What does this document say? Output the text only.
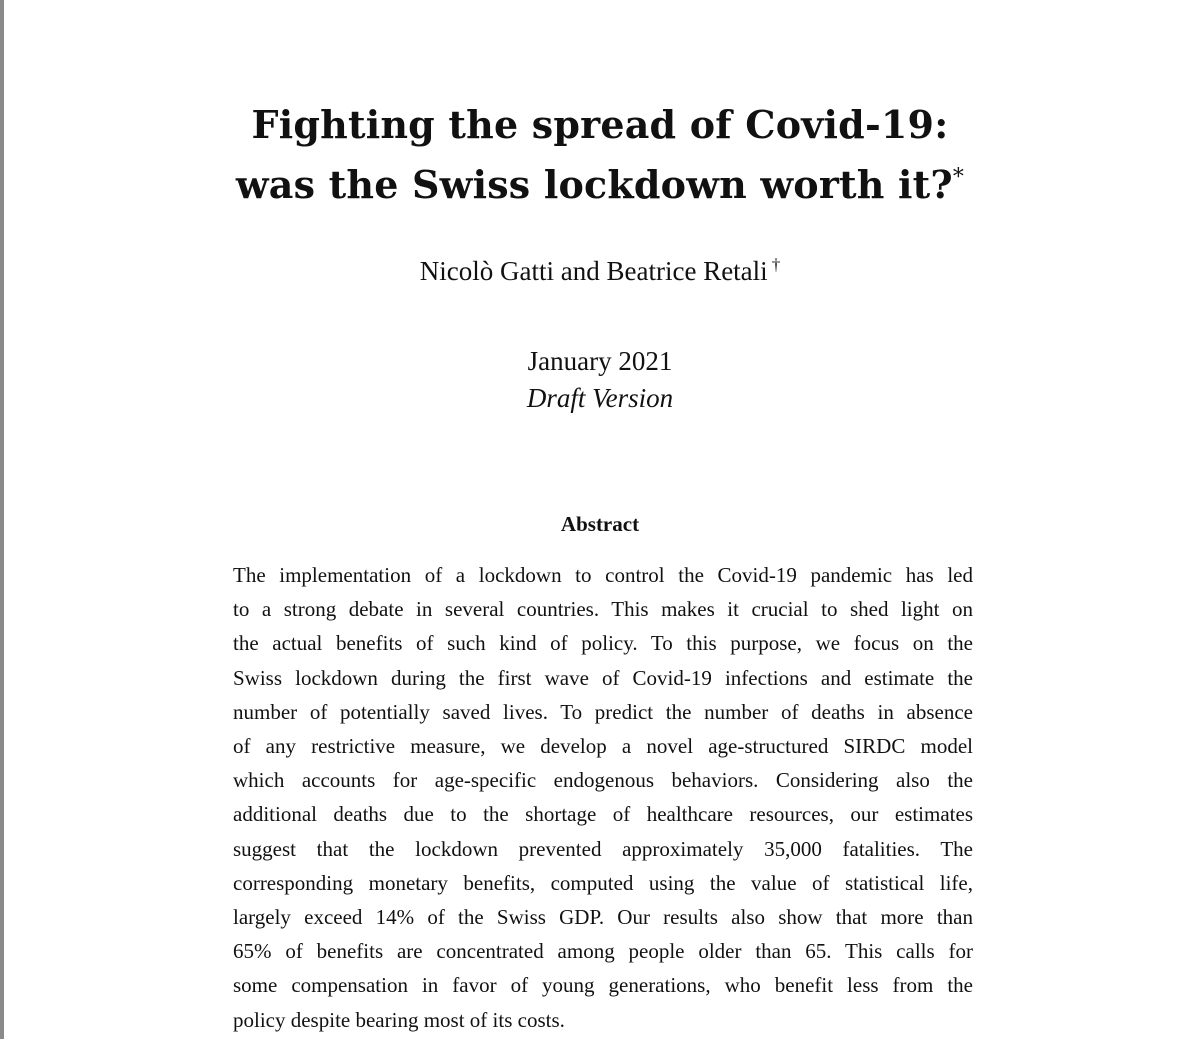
Fighting the spread of Covid-19:
was the Swiss lockdown worth it?*
Nicolò Gatti and Beatrice Retali †
January 2021
Draft Version
Abstract
The implementation of a lockdown to control the Covid-19 pandemic has led
to a strong debate in several countries. This makes it crucial to shed light on
the actual benefits of such kind of policy. To this purpose, we focus on the
Swiss lockdown during the first wave of Covid-19 infections and estimate the
number of potentially saved lives. To predict the number of deaths in absence
of any restrictive measure, we develop a novel age-structured SIRDC model
which accounts for age-specific endogenous behaviors. Considering also the
additional deaths due to the shortage of healthcare resources, our estimates
suggest that the lockdown prevented approximately 35,000 fatalities. The
corresponding monetary benefits, computed using the value of statistical life,
largely exceed 14% of the Swiss GDP. Our results also show that more than
65% of benefits are concentrated among people older than 65. This calls for
some compensation in favor of young generations, who benefit less from the
policy despite bearing most of its costs.
